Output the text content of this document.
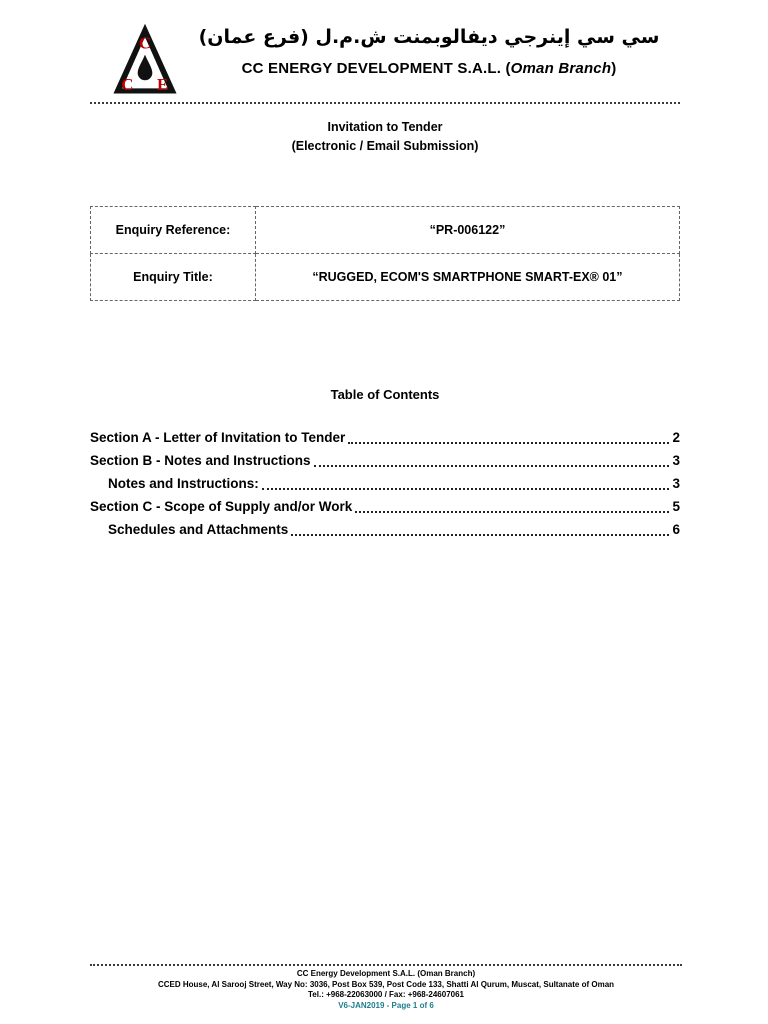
C
C E
سي سي إينرجي ديفالوبمنت ش.م.ل (فرع عمان)
CC ENERGY DEVELOPMENT S.A.L. (Oman Branch)
Invitation to Tender
(Electronic / Email Submission)
Enquiry Reference:	“PR-006122”
Enquiry Title:	“RUGGED, ECOM'S SMARTPHONE SMART-EX® 01”
Table of Contents
Section A - Letter of Invitation to Tender	2
Section B - Notes and Instructions	3
Notes and Instructions:	3
Section C - Scope of Supply and/or Work	5
Schedules and Attachments	6
CC Energy Development S.A.L. (Oman Branch)
CCED House, Al Sarooj Street, Way No: 3036, Post Box 539, Post Code 133, Shatti Al Qurum, Muscat, Sultanate of Oman
Tel.: +968-22063000 / Fax: +968-24607061
V6-JAN2019 - Page 1 of 6
